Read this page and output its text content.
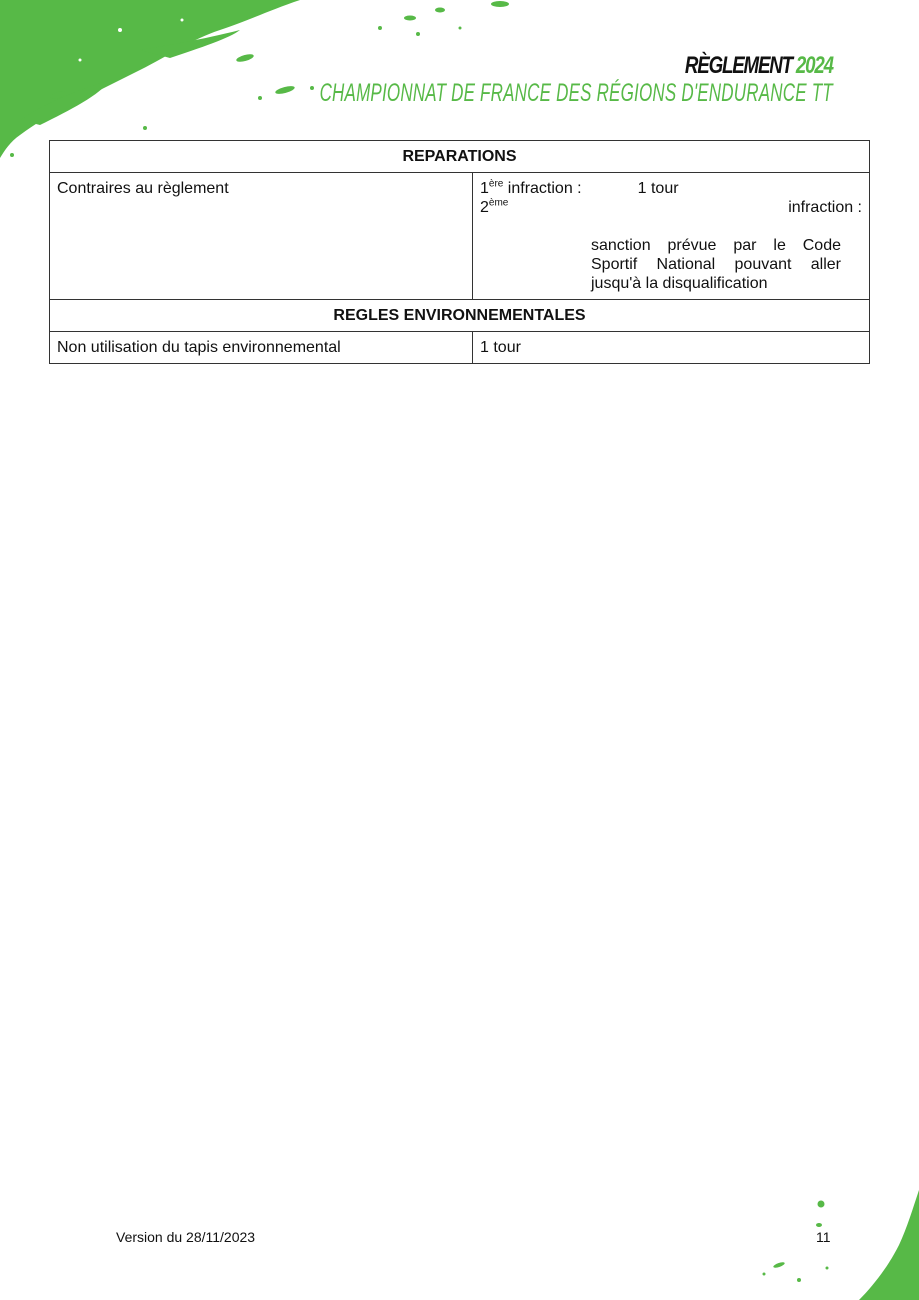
RÈGLEMENT 2024
CHAMPIONNAT DE FRANCE DES RÉGIONS D'ENDURANCE TT
REPARATIONS	
Contraires au règlement	1ère infraction : 1 tour
2ème infraction :
sanction prévue par le Code Sportif National pouvant aller jusqu'à la disqualification

REGLES ENVIRONNEMENTALES	
Non utilisation du tapis environnemental	1 tour
Version du 28/11/2023	11
